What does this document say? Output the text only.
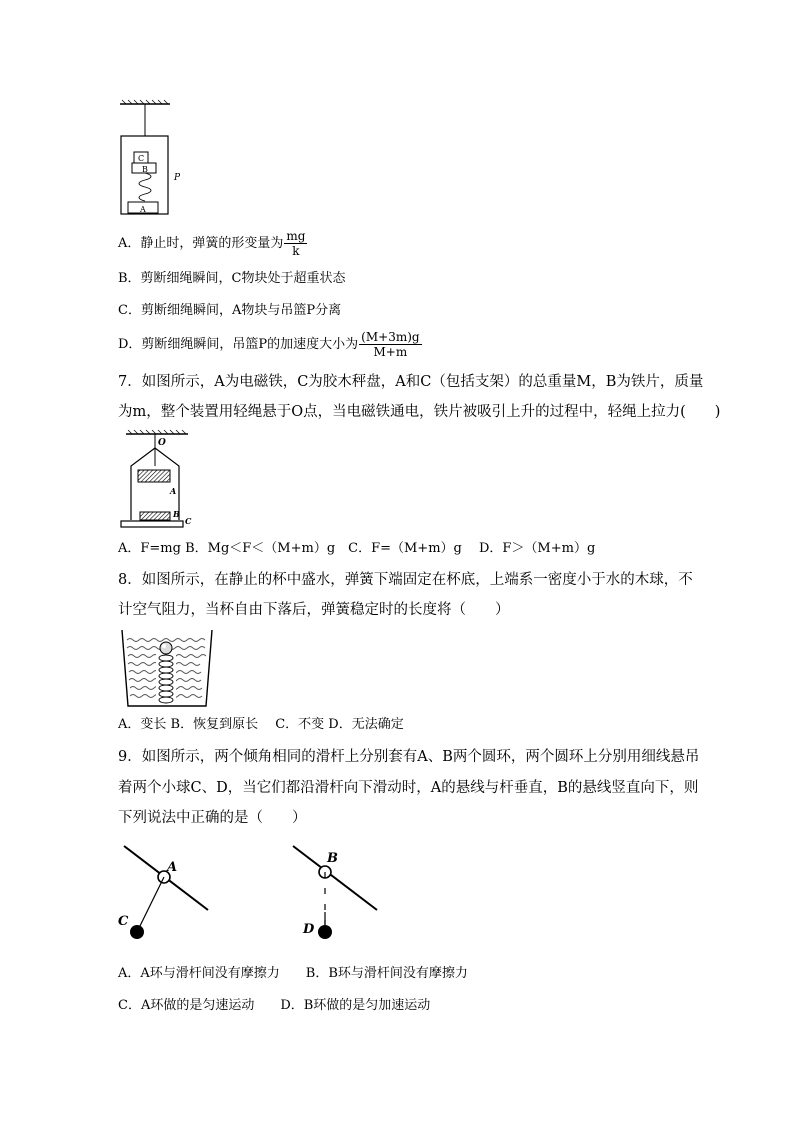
C
B
A
P
A．静止时，弹簧的形变量为 $\frac{mg}{k}$
B．剪断细绳瞬间，C物块处于超重状态
C．剪断细绳瞬间，A物块与吊篮P分离
D．剪断细绳瞬间，吊篮P的加速度大小为 $\frac{(M+3m)g}{M+m}$
7．如图所示，A为电磁铁，C为胶木秤盘，A和C（包括支架）的总重量M，B为铁片，质量
为m，整个装置用轻绳悬于O点，当电磁铁通电，铁片被吸引上升的过程中，轻绳上拉力(　　)
O
A
B
C
A．F=mg B．Mg＜F＜（M+m）g　C．F=（M+m）g　 D．F＞（M+m）g
8．如图所示，在静止的杯中盛水，弹簧下端固定在杯底，上端系一密度小于水的木球，不
计空气阻力，当杯自由下落后，弹簧稳定时的长度将（　　）
A．变长 B．恢复到原长　 C．不变 D．无法确定
9．如图所示，两个倾角相同的滑杆上分别套有A、B两个圆环，两个圆环上分别用细线悬吊
着两个小球C、D，当它们都沿滑杆向下滑动时，A的悬线与杆垂直，B的悬线竖直向下，则
下列说法中正确的是（　　）
A
C
B
D
A．A环与滑杆间没有摩擦力　　B．B环与滑杆间没有摩擦力
C．A环做的是匀速运动　　D．B环做的是匀加速运动
